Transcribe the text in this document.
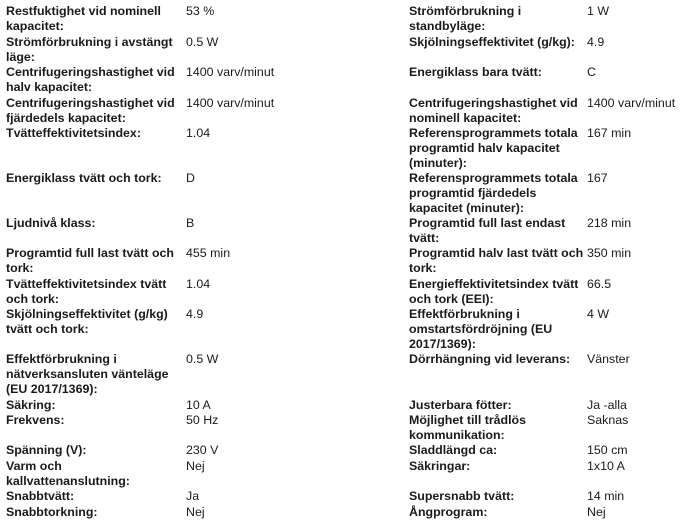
Restfuktighet vid nominell
kapacitet:
53 %
Strömförbrukning i avstängt
läge:
0.5 W
Centrifugeringshastighet vid
halv kapacitet:
1400 varv/minut
Centrifugeringshastighet vid
fjärdedels kapacitet:
1400 varv/minut
Tvätteffektivitetsindex:	1.04
Energiklass tvätt och tork: D
Ljudnivå klass:	B
Programtid full last tvätt och
tork:
455 min
Tvätteffektivitetsindex tvätt
och tork:
1.04
Skjölningseffektivitet (g/kg)
tvätt och tork:
4.9
Effektförbrukning i
nätverksansluten vänteläge
(EU 2017/1369):
0.5 W
Säkring:	10 A
Frekvens:	50 Hz
Spänning (V):	230 V
Varm och
kallvattenanslutning:
Nej
Snabbtvätt:	Ja
Snabbtorkning:	Nej
Strömförbrukning i
standbyläge:
1 W
Skjölningseffektivitet (g/kg): 4.9
Energiklass bara tvätt:	C
Centrifugeringshastighet vid
nominell kapacitet:
1400 varv/minut
Referensprogrammets totala
programtid halv kapacitet
(minuter):
167 min
Referensprogrammets totala
programtid fjärdedels
kapacitet (minuter):
167
Programtid full last endast
tvätt:
218 min
Programtid halv last tvätt och
tork:
350 min
Energieffektivitetsindex tvätt
och tork (EEI):
66.5
Effektförbrukning i
omstartsfördröjning (EU
2017/1369):
4 W
Dörrhängning vid leverans: Vänster
Justerbara fötter:	Ja -alla
Möjlighet till trådlös
kommunikation:
Saknas
Sladdlängd ca:	150 cm
Säkringar:	1x10 A
Supersnabb tvätt:	14 min
Ångprogram:	Nej
